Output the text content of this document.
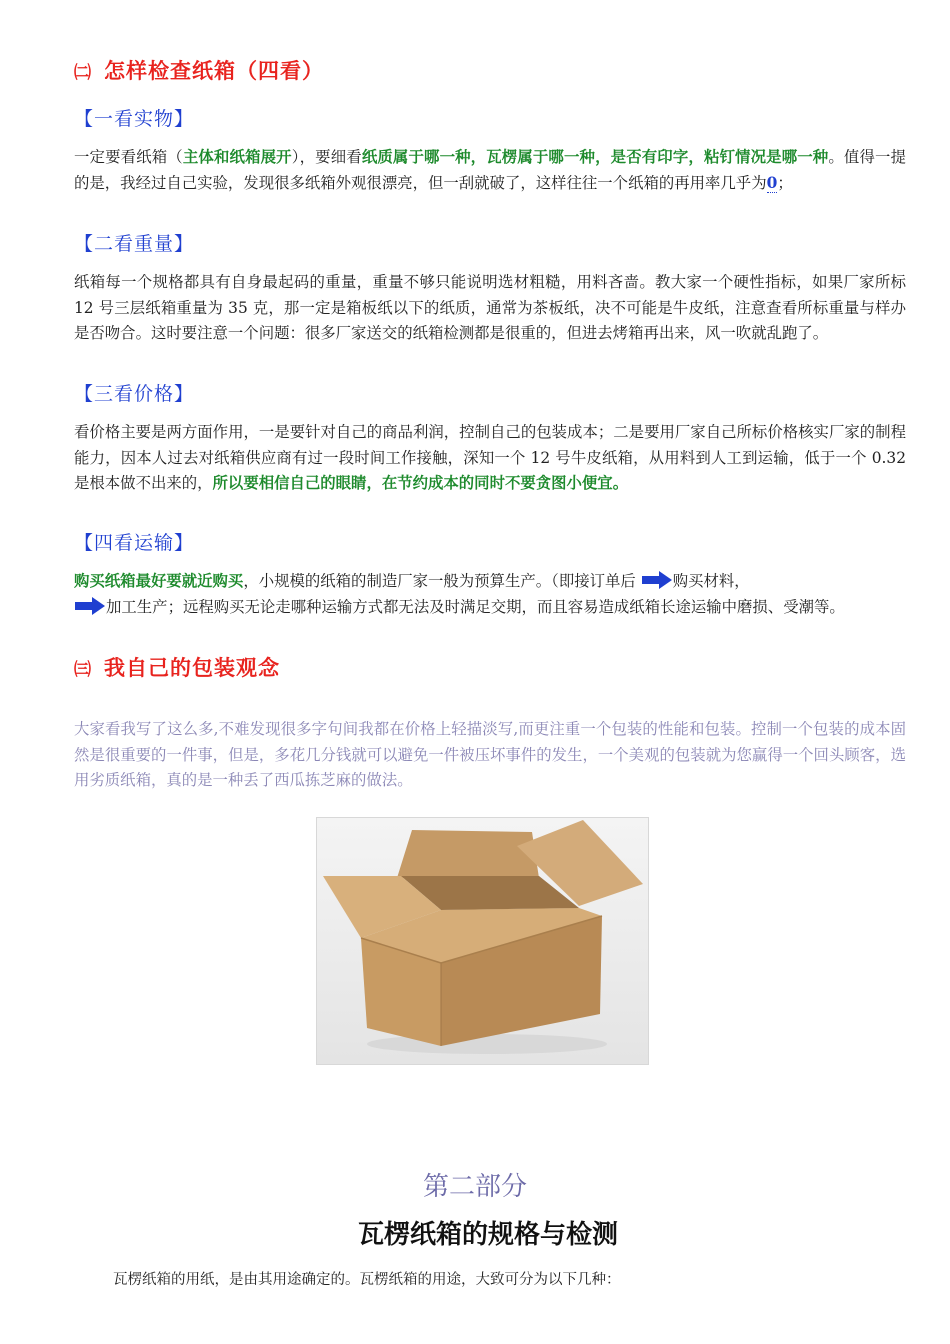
㈡ 怎样检查纸箱（四看）
【一看实物】
一定要看纸箱（主体和纸箱展开），要细看纸质属于哪一种，瓦楞属于哪一种，是否有印字，粘钉情况是哪一种。值得一提的是，我经过自己实验，发现很多纸箱外观很漂亮，但一刮就破了，这样往往一个纸箱的再用率几乎为0；
【二看重量】
纸箱每一个规格都具有自身最起码的重量，重量不够只能说明选材粗糙，用料吝啬。教大家一个硬性指标，如果厂家所标 12 号三层纸箱重量为 35 克，那一定是箱板纸以下的纸质，通常为茶板纸，决不可能是牛皮纸，注意查看所标重量与样办是否吻合。这时要注意一个问题：很多厂家送交的纸箱检测都是很重的，但进去烤箱再出来，风一吹就乱跑了。
【三看价格】
看价格主要是两方面作用，一是要针对自己的商品利润，控制自己的包装成本；二是要用厂家自己所标价格核实厂家的制程能力，因本人过去对纸箱供应商有过一段时间工作接触，深知一个 12 号牛皮纸箱，从用料到人工到运输，低于一个 0.32 是根本做不出来的，所以要相信自己的眼睛，在节约成本的同时不要贪图小便宜。
【四看运输】
购买纸箱最好要就近购买，小规模的纸箱的制造厂家一般为预算生产。（即接订单后 购买材料，
加工生产；远程购买无论走哪种运输方式都无法及时满足交期，而且容易造成纸箱长途运输中磨损、受潮等。
㈢ 我自己的包装观念
大家看我写了这么多,不难发现很多字句间我都在价格上轻描淡写,而更注重一个包装的性能和包装。控制一个包装的成本固然是很重要的一件事，但是，多花几分钱就可以避免一件被压坏事件的发生，一个美观的包装就为您赢得一个回头顾客，选用劣质纸箱，真的是一种丢了西瓜拣芝麻的做法。
第二部分
瓦楞纸箱的规格与检测
瓦楞纸箱的用纸，是由其用途确定的。瓦楞纸箱的用途，大致可分为以下几种：
